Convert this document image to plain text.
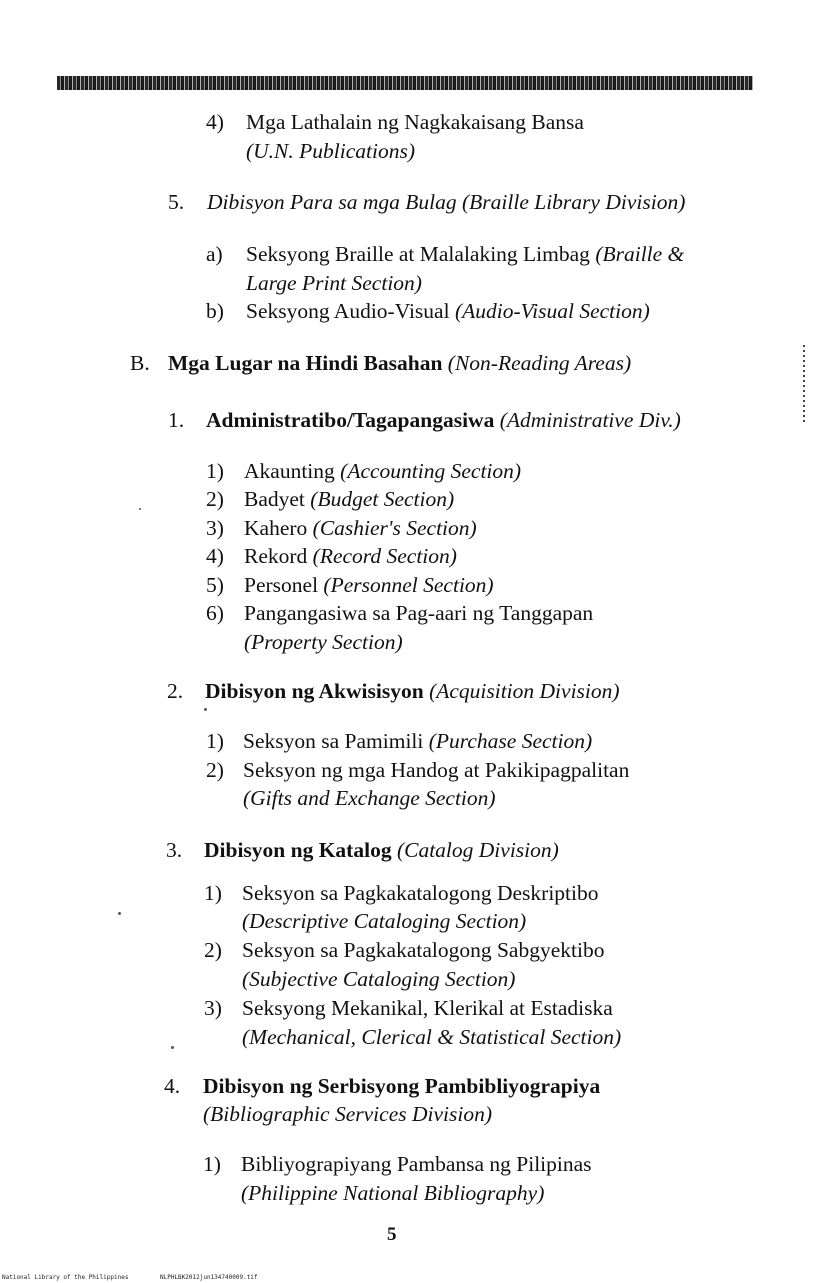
4) Mga Lathalain ng Nagkakaisang Bansa
(U.N. Publications)
5. Dibisyon Para sa mga Bulag (Braille Library Division)
a) Seksyong Braille at Malalaking Limbag (Braille &
Large Print Section)
b) Seksyong Audio-Visual (Audio-Visual Section)
B. Mga Lugar na Hindi Basahan (Non-Reading Areas)
1. Administratibo/Tagapangasiwa (Administrative Div.)
1) Akaunting (Accounting Section)
2) Badyet (Budget Section)
3) Kahero (Cashier's Section)
4) Rekord (Record Section)
5) Personel (Personnel Section)
6) Pangangasiwa sa Pag-aari ng Tanggapan
(Property Section)
2. Dibisyon ng Akwisisyon (Acquisition Division)
1) Seksyon sa Pamimili (Purchase Section)
2) Seksyon ng mga Handog at Pakikipagpalitan
(Gifts and Exchange Section)
3. Dibisyon ng Katalog (Catalog Division)
1) Seksyon sa Pagkakatalogong Deskriptibo
(Descriptive Cataloging Section)
2) Seksyon sa Pagkakatalogong Sabgyektibo
(Subjective Cataloging Section)
3) Seksyong Mekanikal, Klerikal at Estadiska
(Mechanical, Clerical & Statistical Section)
4. Dibisyon ng Serbisyong Pambibliyograpiya
(Bibliographic Services Division)
1) Bibliyograpiyang Pambansa ng Pilipinas
(Philippine National Bibliography)
5
National Library of the Philippines	NLPHLBK2012jun134740009.tif
